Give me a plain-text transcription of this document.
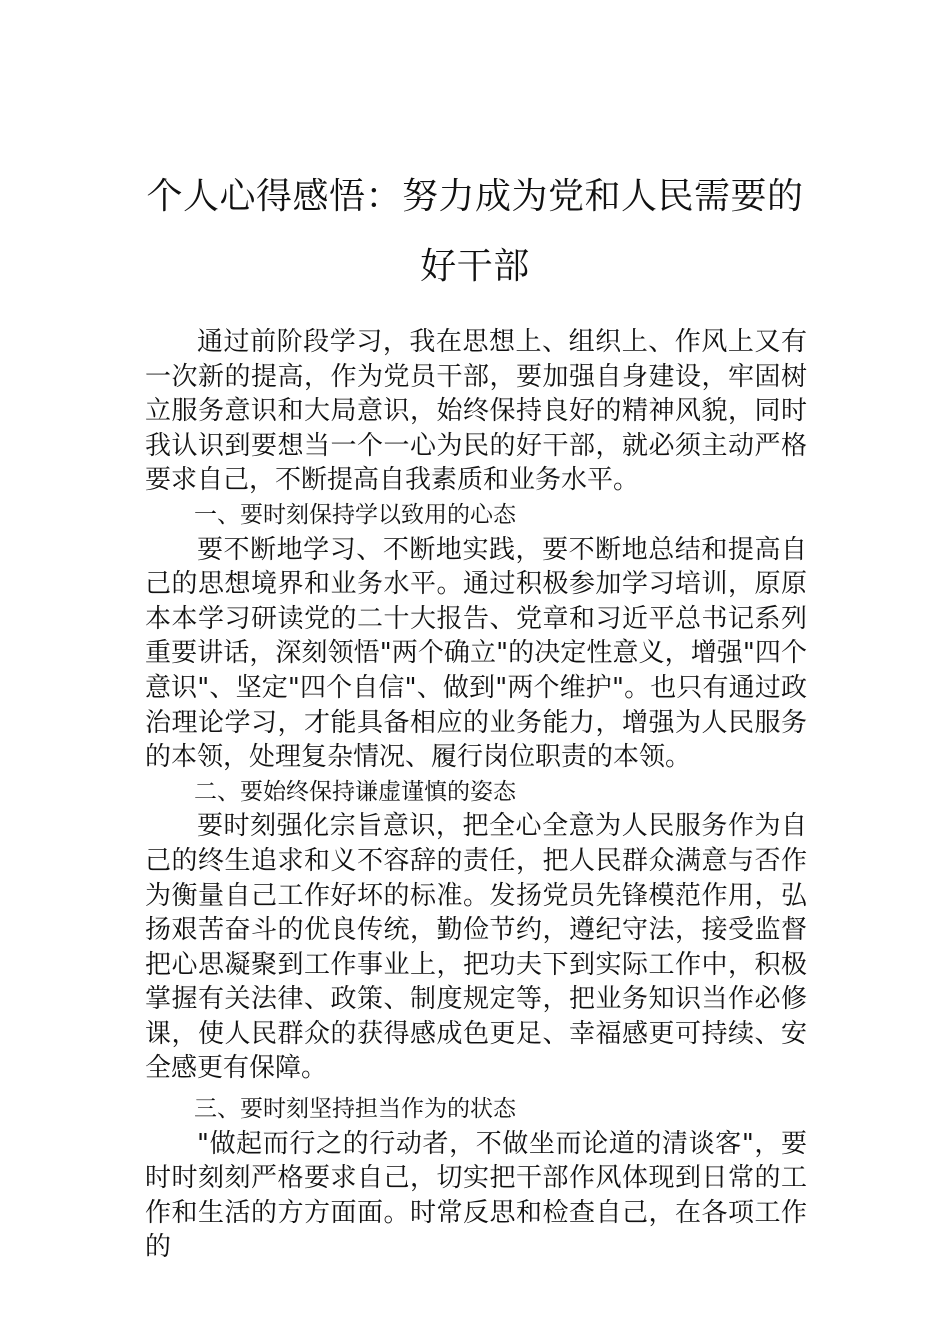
个人心得感悟：努力成为党和人民需要的好干部

通过前阶段学习，我在思想上、组织上、作风上又有一次新的提高，作为党员干部，要加强自身建设，牢固树立服务意识和大局意识，始终保持良好的精神风貌，同时我认识到要想当一个一心为民的好干部，就必须主动严格要求自己，不断提高自我素质和业务水平。

一、要时刻保持学以致用的心态

要不断地学习、不断地实践，要不断地总结和提高自己的思想境界和业务水平。通过积极参加学习培训，原原本本学习研读党的二十大报告、党章和习近平总书记系列重要讲话，深刻领悟"两个确立"的决定性意义，增强"四个意识"、坚定"四个自信"、做到"两个维护"。也只有通过政治理论学习，才能具备相应的业务能力，增强为人民服务的本领，处理复杂情况、履行岗位职责的本领。

二、要始终保持谦虚谨慎的姿态

要时刻强化宗旨意识，把全心全意为人民服务作为自己的终生追求和义不容辞的责任，把人民群众满意与否作为衡量自己工作好坏的标准。发扬党员先锋模范作用，弘扬艰苦奋斗的优良传统，勤俭节约，遵纪守法，接受监督把心思凝聚到工作事业上，把功夫下到实际工作中，积极掌握有关法律、政策、制度规定等，把业务知识当作必修课，使人民群众的获得感成色更足、幸福感更可持续、安全感更有保障。

三、要时刻坚持担当作为的状态

"做起而行之的行动者，不做坐而论道的清谈客"，要时时刻刻严格要求自己，切实把干部作风体现到日常的工作和生活的方方面面。时常反思和检查自己，在各项工作的
